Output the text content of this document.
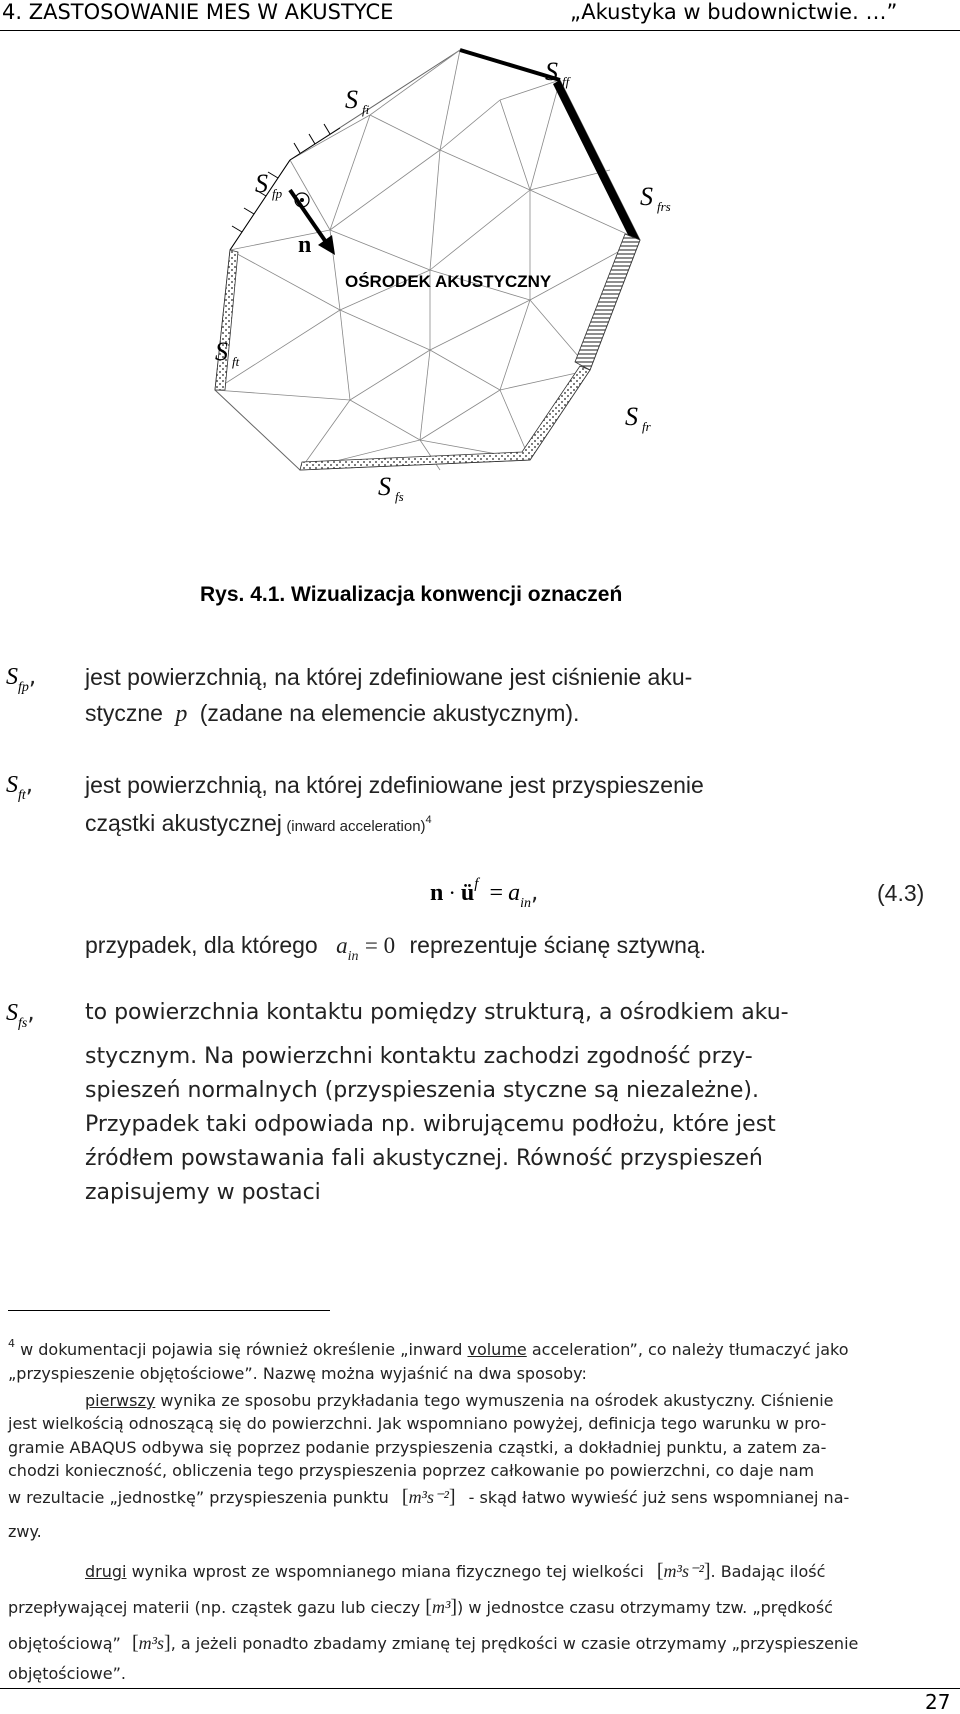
4. ZASTOSOWANIE MES W AKUSTYCE	„Akustyka w budownictwie. …”
S ff
S fi
S fp	S frs
n
OŚRODEK AKUSTYCZNY
S ft
S fr
S fs
Rys. 4.1. Wizualizacja konwencji oznaczeń
Sfp, jest powierzchnią, na której zdefiniowane jest ciśnienie aku-
styczne p (zadane na elemencie akustycznym).
Sft, jest powierzchnią, na której zdefiniowane jest przyspieszenie
cząstki akustycznej (inward acceleration)$^4$
n · üf = ain,	(4.3)
przypadek, dla którego $a_{in} = 0$ reprezentuje ścianę sztywną.
Sfs, to powierzchnia kontaktu pomiędzy strukturą, a ośrodkiem aku-
stycznym. Na powierzchni kontaktu zachodzi zgodność przy-
spieszeń normalnych (przyspieszenia styczne są niezależne).
Przypadek taki odpowiada np. wibrującemu podłożu, które jest
źródłem powstawania fali akustycznej. Równość przyspieszeń
zapisujemy w postaci
$^4$ w dokumentacji pojawia się również określenie „inward volume acceleration”, co należy tłumaczyć jako
„przyspieszenie objętościowe”. Nazwę można wyjaśnić na dwa sposoby:
pierwszy wynika ze sposobu przykładania tego wymuszenia na ośrodek akustyczny. Ciśnienie
jest wielkością odnoszącą się do powierzchni. Jak wspomniano powyżej, definicja tego warunku w pro-
gramie ABAQUS odbywa się poprzez podanie przyspieszenia cząstki, a dokładniej punktu, a zatem za-
chodzi konieczność, obliczenia tego przyspieszenia poprzez całkowanie po powierzchni, co daje nam
w rezultacie „jednostkę” przyspieszenia punktu [m³s⁻²] - skąd łatwo wywieść już sens wspomnianej na-
zwy.
drugi wynika wprost ze wspomnianego miana fizycznego tej wielkości [m³s⁻²]. Badając ilość
przepływającej materii (np. cząstek gazu lub cieczy [m³]) w jednostce czasu otrzymamy tzw. „prędkość
objętościową” [m³s], a jeżeli ponadto zbadamy zmianę tej prędkości w czasie otrzymamy „przyspieszenie
objętościowe”.
27
